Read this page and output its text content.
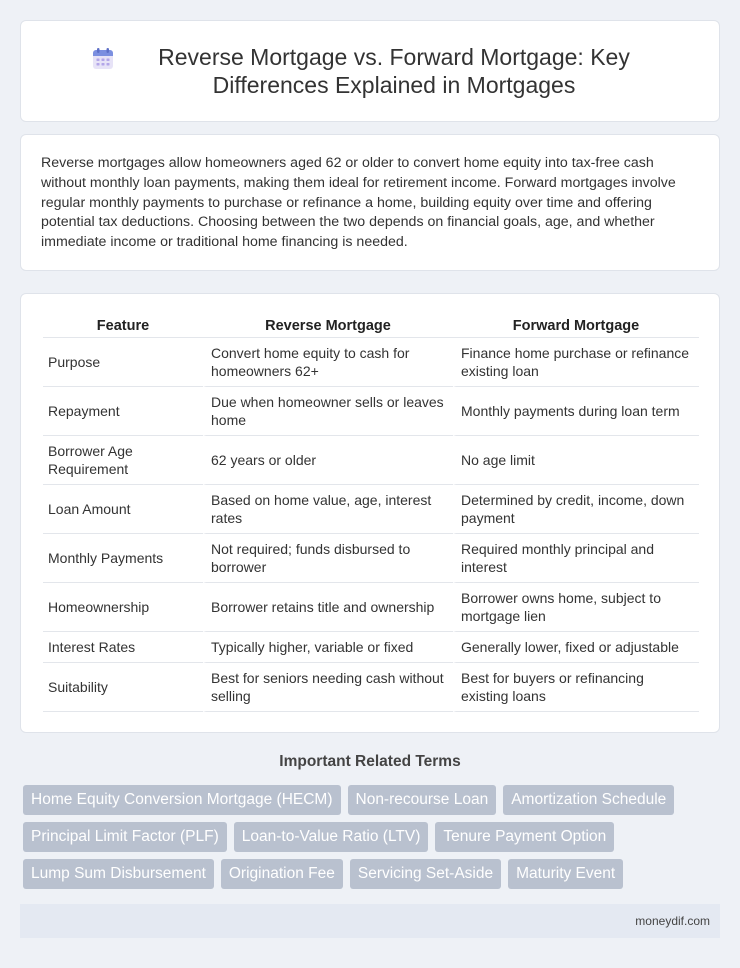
Reverse Mortgage vs. Forward Mortgage: Key Differences Explained in Mortgages

Reverse mortgages allow homeowners aged 62 or older to convert home equity into tax-free cash without monthly loan payments, making them ideal for retirement income. Forward mortgages involve regular monthly payments to purchase or refinance a home, building equity over time and offering potential tax deductions. Choosing between the two depends on financial goals, age, and whether immediate income or traditional home financing is needed.

Feature	Reverse Mortgage	Forward Mortgage
Purpose	Convert home equity to cash for homeowners 62+	Finance home purchase or refinance existing loan
Repayment	Due when homeowner sells or leaves home	Monthly payments during loan term
Borrower Age Requirement	62 years or older	No age limit
Loan Amount	Based on home value, age, interest rates	Determined by credit, income, down payment
Monthly Payments	Not required; funds disbursed to borrower	Required monthly principal and interest
Homeownership	Borrower retains title and ownership	Borrower owns home, subject to mortgage lien
Interest Rates	Typically higher, variable or fixed	Generally lower, fixed or adjustable
Suitability	Best for seniors needing cash without selling	Best for buyers or refinancing existing loans
Important Related Terms
Home Equity Conversion Mortgage (HECM)	Non-recourse Loan	Amortization Schedule
Principal Limit Factor (PLF)	Loan-to-Value Ratio (LTV)	Tenure Payment Option
Lump Sum Disbursement	Origination Fee	Servicing Set-Aside	Maturity Event
moneydif.com
